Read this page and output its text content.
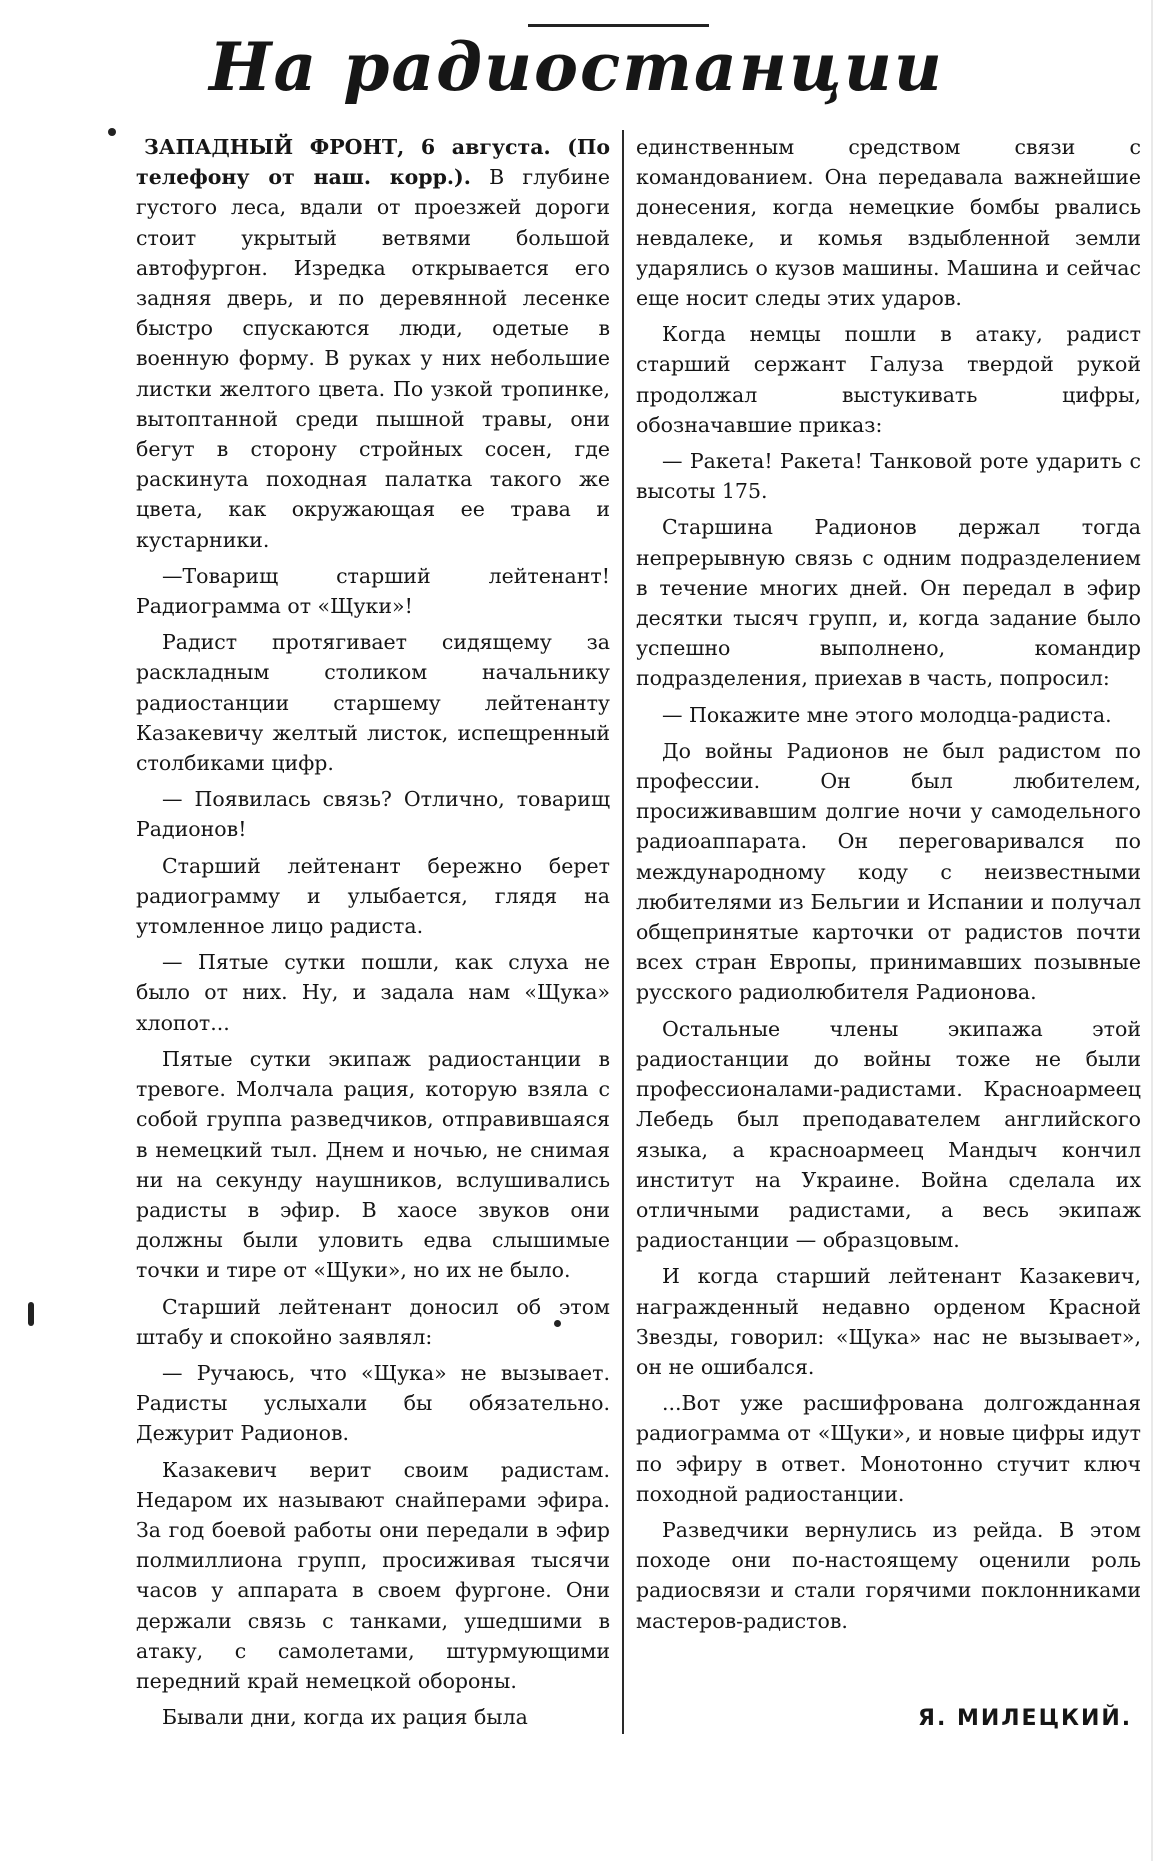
На радиостанции

ЗАПАДНЫЙ ФРОНТ, 6 августа. (По телефону от наш. корр.). В глубине густого леса, вдали от проезжей дороги стоит укрытый ветвями большой автофургон. Изредка открывается его задняя дверь, и по деревянной лесенке быстро спускаются люди, одетые в военную форму. В руках у них небольшие листки желтого цвета. По узкой тропинке, вытоптанной среди пышной травы, они бегут в сторону стройных сосен, где раскинута походная палатка такого же цвета, как окружающая ее трава и кустарники.

—Товарищ старший лейтенант! Радиограмма от «Щуки»!

Радист протягивает сидящему за раскладным столиком начальнику радиостанции старшему лейтенанту Казакевичу желтый листок, испещренный столбиками цифр.

— Появилась связь? Отлично, товарищ Радионов!

Старший лейтенант бережно берет радиограмму и улыбается, глядя на утомленное лицо радиста.

— Пятые сутки пошли, как слуха не было от них. Ну, и задала нам «Щука» хлопот...

Пятые сутки экипаж радиостанции в тревоге. Молчала рация, которую взяла с собой группа разведчиков, отправившаяся в немецкий тыл. Днем и ночью, не снимая ни на секунду наушников, вслушивались радисты в эфир. В хаосе звуков они должны были уловить едва слышимые точки и тире от «Щуки», но их не было.

Старший лейтенант доносил об этом штабу и спокойно заявлял:

— Ручаюсь, что «Щука» не вызывает. Радисты услыхали бы обязательно. Дежурит Радионов.

Казакевич верит своим радистам. Недаром их называют снайперами эфира. За год боевой работы они передали в эфир полмиллиона групп, просиживая тысячи часов у аппарата в своем фургоне. Они держали связь с танками, ушедшими в атаку, с самолетами, штурмующими передний край немецкой обороны.

Бывали дни, когда их рация была

единственным средством связи с командованием. Она передавала важнейшие донесения, когда немецкие бомбы рвались невдалеке, и комья вздыбленной земли ударялись о кузов машины. Машина и сейчас еще носит следы этих ударов.

Когда немцы пошли в атаку, радист старший сержант Галуза твердой рукой продолжал выстукивать цифры, обозначавшие приказ:

— Ракета! Ракета! Танковой роте ударить с высоты 175.

Старшина Радионов держал тогда непрерывную связь с одним подразделением в течение многих дней. Он передал в эфир десятки тысяч групп, и, когда задание было успешно выполнено, командир подразделения, приехав в часть, попросил:

— Покажите мне этого молодца-радиста.

До войны Радионов не был радистом по профессии. Он был любителем, просиживавшим долгие ночи у самодельного радиоаппарата. Он переговаривался по международному коду с неизвестными любителями из Бельгии и Испании и получал общепринятые карточки от радистов почти всех стран Европы, принимавших позывные русского радиолюбителя Радионова.

Остальные члены экипажа этой радиостанции до войны тоже не были профессионалами-радистами. Красноармеец Лебедь был преподавателем английского языка, а красноармеец Мандыч кончил институт на Украине. Война сделала их отличными радистами, а весь экипаж радиостанции — образцовым.

И когда старший лейтенант Казакевич, награжденный недавно орденом Красной Звезды, говорил: «Щука» нас не вызывает», он не ошибался.

...Вот уже расшифрована долгожданная радиограмма от «Щуки», и новые цифры идут по эфиру в ответ. Монотонно стучит ключ походной радиостанции.

Разведчики вернулись из рейда. В этом походе они по-настоящему оценили роль радиосвязи и стали горячими поклонниками мастеров-радистов.

Я. МИЛЕЦКИЙ.
